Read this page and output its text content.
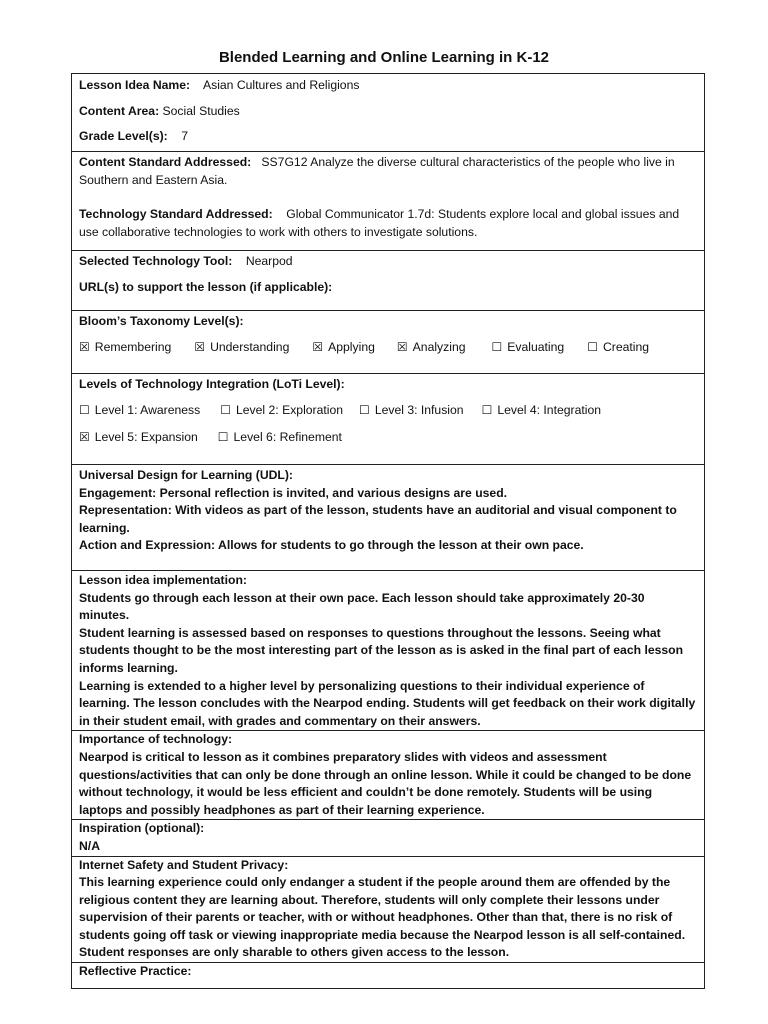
Blended Learning and Online Learning in K-12
Lesson Idea Name: Asian Cultures and Religions
Content Area: Social Studies
Grade Level(s): 7

Content Standard Addressed: SS7G12 Analyze the diverse cultural characteristics of the people who live in Southern and Eastern Asia.
Technology Standard Addressed: Global Communicator 1.7d: Students explore local and global issues and use collaborative technologies to work with others to investigate solutions.

Selected Technology Tool: Nearpod
URL(s) to support the lesson (if applicable):

Bloom’s Taxonomy Level(s):
☒ Remembering ☒ Understanding ☒ Applying ☒ Analyzing ☐ Evaluating ☐ Creating

Levels of Technology Integration (LoTi Level):
☐ Level 1: Awareness ☐ Level 2: Exploration ☐ Level 3: Infusion ☐ Level 4: Integration
☒ Level 5: Expansion ☐ Level 6: Refinement

Universal Design for Learning (UDL):
Engagement: Personal reflection is invited, and various designs are used.
Representation: With videos as part of the lesson, students have an auditorial and visual component to learning.
Action and Expression: Allows for students to go through the lesson at their own pace.

Lesson idea implementation:
Students go through each lesson at their own pace. Each lesson should take approximately 20-30 minutes.
Student learning is assessed based on responses to questions throughout the lessons. Seeing what students thought to be the most interesting part of the lesson as is asked in the final part of each lesson informs learning.
Learning is extended to a higher level by personalizing questions to their individual experience of learning. The lesson concludes with the Nearpod ending. Students will get feedback on their work digitally in their student email, with grades and commentary on their answers.

Importance of technology:
Nearpod is critical to lesson as it combines preparatory slides with videos and assessment questions/activities that can only be done through an online lesson. While it could be changed to be done without technology, it would be less efficient and couldn’t be done remotely. Students will be using laptops and possibly headphones as part of their learning experience.

Inspiration (optional):
N/A

Internet Safety and Student Privacy:
This learning experience could only endanger a student if the people around them are offended by the religious content they are learning about. Therefore, students will only complete their lessons under supervision of their parents or teacher, with or without headphones. Other than that, there is no risk of students going off task or viewing inappropriate media because the Nearpod lesson is all self-contained. Student responses are only sharable to others given access to the lesson.

Reflective Practice:
